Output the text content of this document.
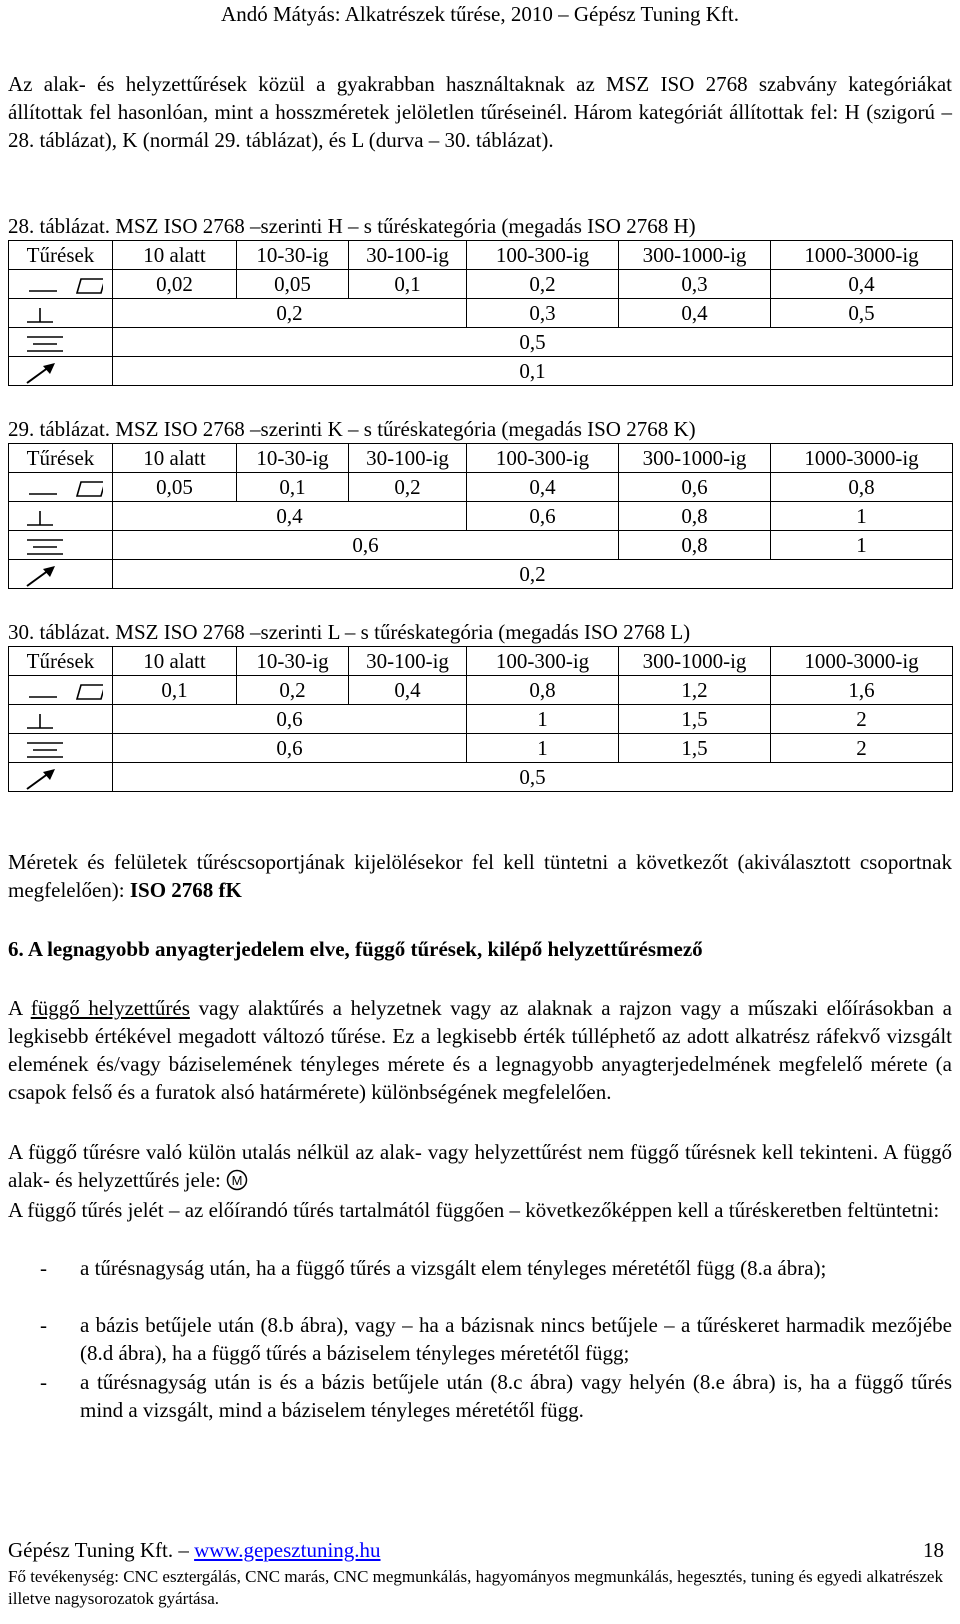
Andó Mátyás: Alkatrészek tűrése, 2010 – Gépész Tuning Kft.
Az alak- és helyzettűrések közül a gyakrabban használtaknak az MSZ ISO 2768 szabvány kategóriákat állítottak fel hasonlóan, mint a hosszméretek jelöletlen tűréseinél. Három kategóriát állítottak fel: H (szigorú – 28. táblázat), K (normál 29. táblázat), és L (durva – 30. táblázat).
28. táblázat. MSZ ISO 2768 –szerinti H – s tűréskategória (megadás ISO 2768 H)
Tűrések	10 alatt	10-30-ig	30-100-ig	100-300-ig	300-1000-ig	1000-3000-ig
	0,02	0,05	0,1	0,2	0,3	0,4
	0,2			0,3	0,4	0,5
	0,5					
	0,1					
29. táblázat. MSZ ISO 2768 –szerinti K – s tűréskategória (megadás ISO 2768 K)
Tűrések	10 alatt	10-30-ig	30-100-ig	100-300-ig	300-1000-ig	1000-3000-ig
	0,05	0,1	0,2	0,4	0,6	0,8
	0,4			0,6	0,8	1
	0,6				0,8	1
	0,2					
30. táblázat. MSZ ISO 2768 –szerinti L – s tűréskategória (megadás ISO 2768 L)
Tűrések	10 alatt	10-30-ig	30-100-ig	100-300-ig	300-1000-ig	1000-3000-ig
	0,1	0,2	0,4	0,8	1,2	1,6
	0,6			1	1,5	2
	0,6			1	1,5	2
	0,5					
Méretek és felületek tűréscsoportjának kijelölésekor fel kell tüntetni a következőt (akiválasztott csoportnak megfelelően): ISO 2768 fK
6. A legnagyobb anyagterjedelem elve, függő tűrések, kilépő helyzettűrésmező
A függő helyzettűrés vagy alaktűrés a helyzetnek vagy az alaknak a rajzon vagy a műszaki előírásokban a legkisebb értékével megadott változó tűrése. Ez a legkisebb érték túlléphető az adott alkatrész ráfekvő vizsgált elemének és/vagy báziselemének tényleges mérete és a legnagyobb anyagterjedelmének megfelelő mérete (a csapok felső és a furatok alsó határmérete) különbségének megfelelően.
A függő tűrésre való külön utalás nélkül az alak- vagy helyzettűrést nem függő tűrésnek kell tekinteni. A függő alak- és helyzettűrés jele: M
A függő tűrés jelét – az előírandó tűrés tartalmától függően – következőképpen kell a tűréskeretben feltüntetni:
- a tűrésnagyság után, ha a függő tűrés a vizsgált elem tényleges méretétől függ (8.a ábra);
- a bázis betűjele után (8.b ábra), vagy – ha a bázisnak nincs betűjele – a tűréskeret harmadik mezőjébe (8.d ábra), ha a függő tűrés a báziselem tényleges méretétől függ;
- a tűrésnagyság után is és a bázis betűjele után (8.c ábra) vagy helyén (8.e ábra) is, ha a függő tűrés mind a vizsgált, mind a báziselem tényleges méretétől függ.
Gépész Tuning Kft. – www.gepesztuning.hu	18
Fő tevékenység: CNC esztergálás, CNC marás, CNC megmunkálás, hagyományos megmunkálás, hegesztés, tuning és egyedi alkatrészek illetve nagysorozatok gyártása.
